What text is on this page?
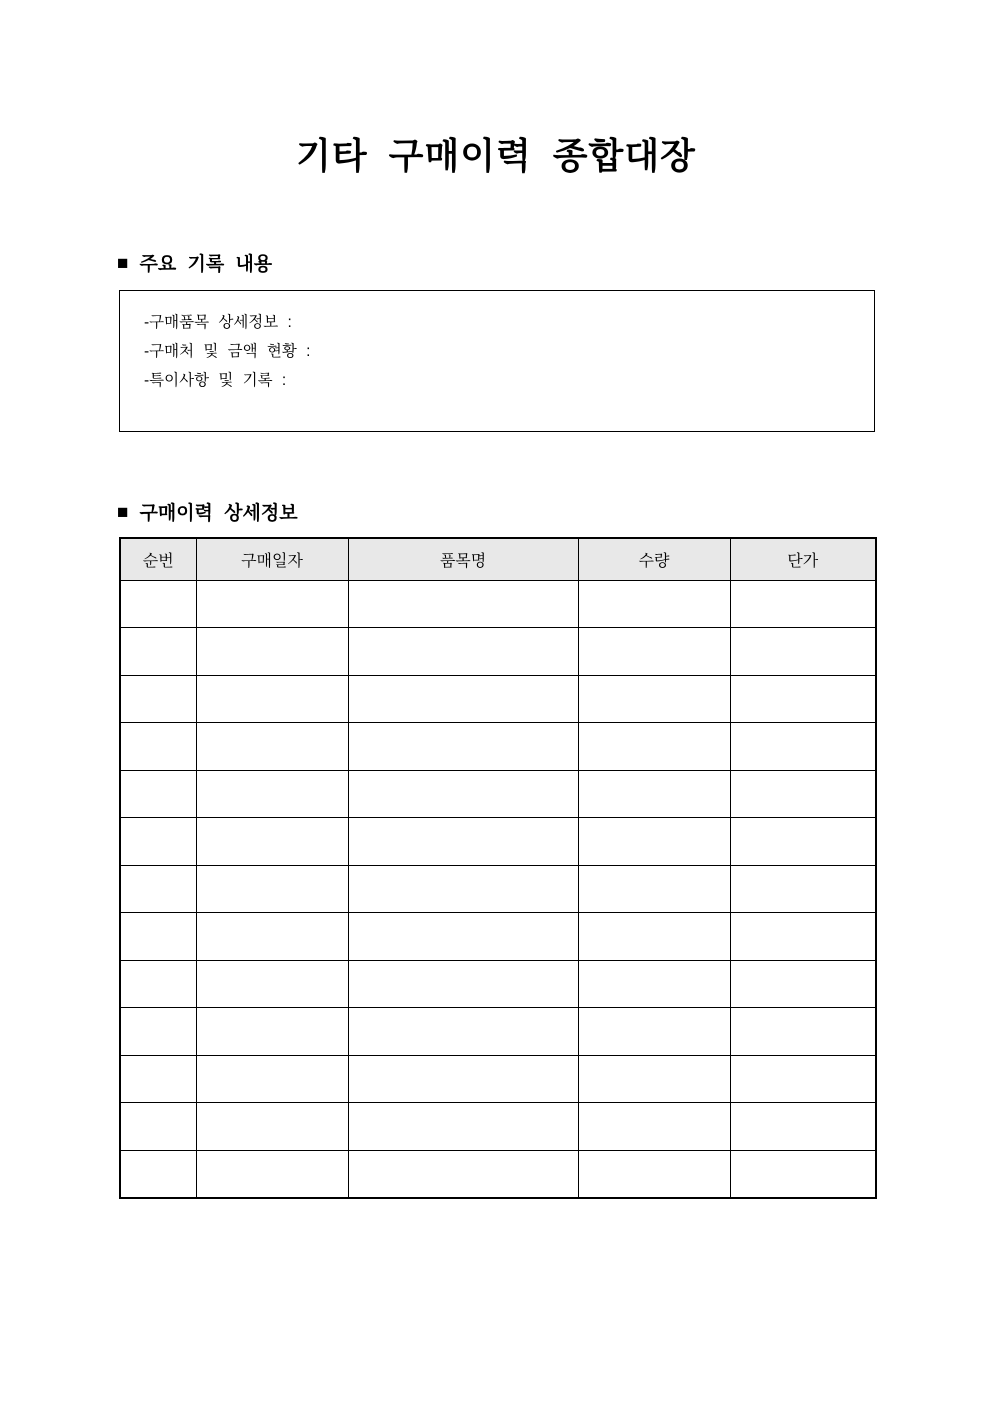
기타 구매이력 종합대장
■ 주요 기록 내용
-구매품목 상세정보 :
-구매처 및 금액 현황 :
-특이사항 및 기록 :
■ 구매이력 상세정보
순번	구매일자	품목명	수량	단가
